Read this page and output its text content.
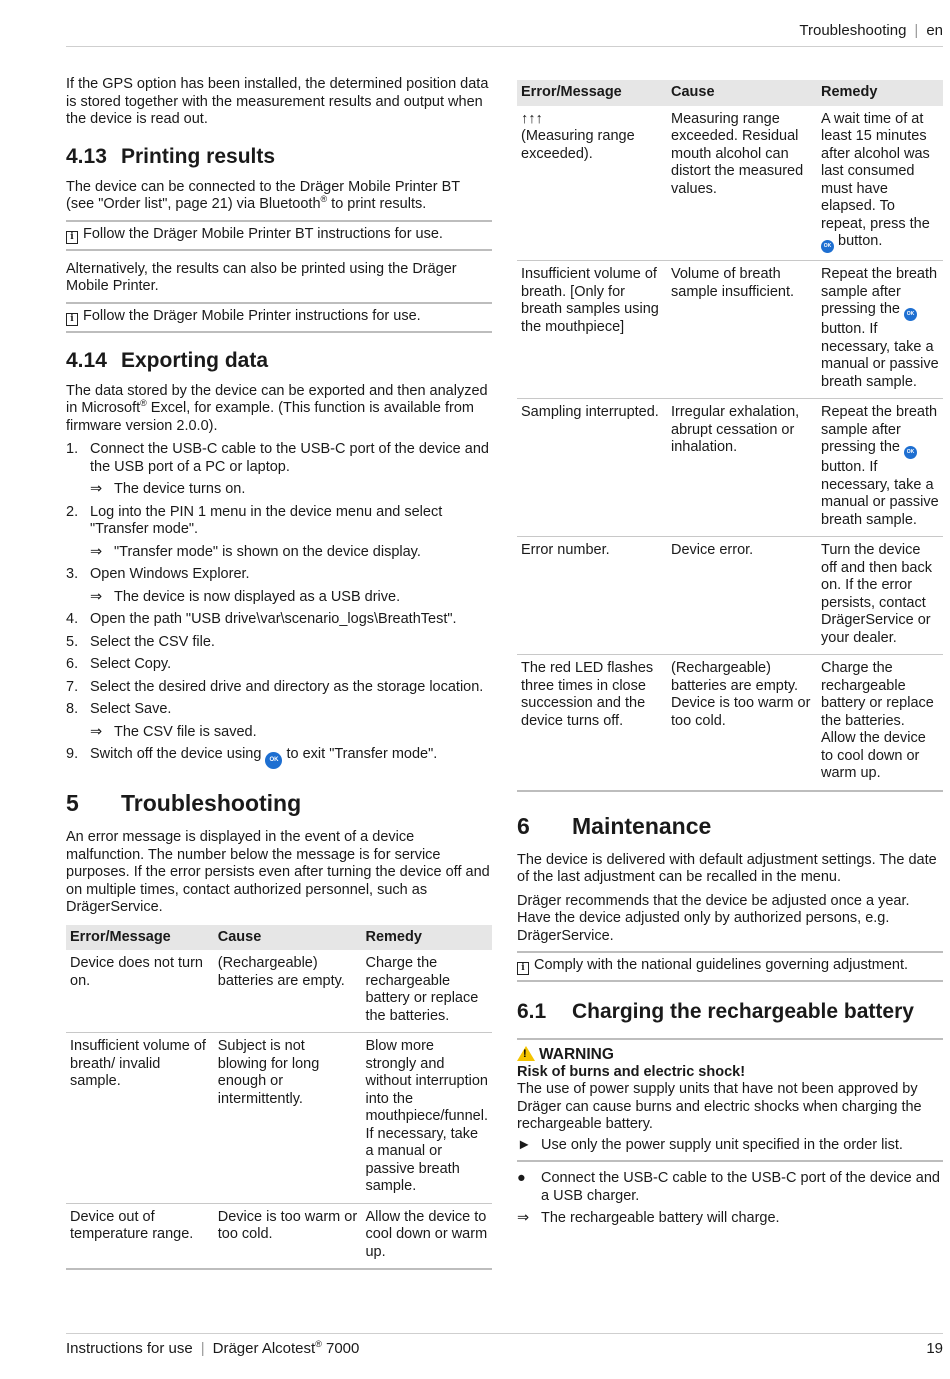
Troubleshooting | en

If the GPS option has been installed, the determined position data is stored together with the measurement results and output when the device is read out.

4.13 Printing results

The device can be connected to the Dräger Mobile Printer BT (see "Order list", page 21) via Bluetooth® to print results.

i Follow the Dräger Mobile Printer BT instructions for use.

Alternatively, the results can also be printed using the Dräger Mobile Printer.

i Follow the Dräger Mobile Printer instructions for use.
4.14 Exporting data

The data stored by the device can be exported and then analyzed in Microsoft® Excel, for example. (This function is available from firmware version 2.0.0).

1. Connect the USB-C cable to the USB-C port of the device and the USB port of a PC or laptop.
⇒ The device turns on.
2. Log into the PIN 1 menu in the device menu and select "Transfer mode".
⇒ "Transfer mode" is shown on the device display.
3. Open Windows Explorer.
⇒ The device is now displayed as a USB drive.
4. Open the path "USB drive\var\scenario_logs\BreathTest".
5. Select the CSV file.
6. Select Copy.
7. Select the desired drive and directory as the storage location.
8. Select Save.
⇒ The CSV file is saved.
9. Switch off the device using OK to exit "Transfer mode".
5 Troubleshooting

An error message is displayed in the event of a device malfunction. The number below the message is for service purposes. If the error persists even after turning the device off and on multiple times, contact authorized personnel, such as DrägerService.

Error/Message	Cause	Remedy
Device does not turn on.	(Rechargeable) batteries are empty.	Charge the rechargeable battery or replace the batteries.
Insufficient volume of breath/ invalid sample.	Subject is not blowing for long enough or intermittently.	Blow more strongly and without interruption into the mouthpiece/funnel. If necessary, take a manual or passive breath sample.
Device out of temperature range.	Device is too warm or too cold.	Allow the device to cool down or warm up.
Error/Message	Cause	Remedy

↑↑↑
(Measuring range exceeded).	Measuring range exceeded. Residual mouth alcohol can distort the measured values.	A wait time of at least 15 minutes after alcohol was last consumed must have elapsed. To repeat, press the OK button.
Insufficient volume of breath. [Only for breath samples using the mouthpiece]	Volume of breath sample insufficient.	Repeat the breath sample after pressing the OK button. If necessary, take a manual or passive breath sample.
Sampling interrupted.	Irregular exhalation, abrupt cessation or inhalation.	Repeat the breath sample after pressing the OK button. If necessary, take a manual or passive breath sample.
Error number.	Device error.	Turn the device off and then back on. If the error persists, contact DrägerService or your dealer.
The red LED flashes three times in close succession and the device turns off.	(Rechargeable) batteries are empty. Device is too warm or too cold.	Charge the rechargeable battery or replace the batteries. Allow the device to cool down or warm up.
6 Maintenance

The device is delivered with default adjustment settings. The date of the last adjustment can be recalled in the menu.

Dräger recommends that the device be adjusted once a year. Have the device adjusted only by authorized persons, e.g. DrägerService.

i Comply with the national guidelines governing adjustment.
6.1 Charging the rechargeable battery
! WARNING
Risk of burns and electric shock!
The use of power supply units that have not been approved by Dräger can cause burns and electric shocks when charging the rechargeable battery.
► Use only the power supply unit specified in the order list.
● Connect the USB-C cable to the USB-C port of the device and a USB charger.
⇒ The rechargeable battery will charge.
Instructions for use | Dräger Alcotest® 7000	19
